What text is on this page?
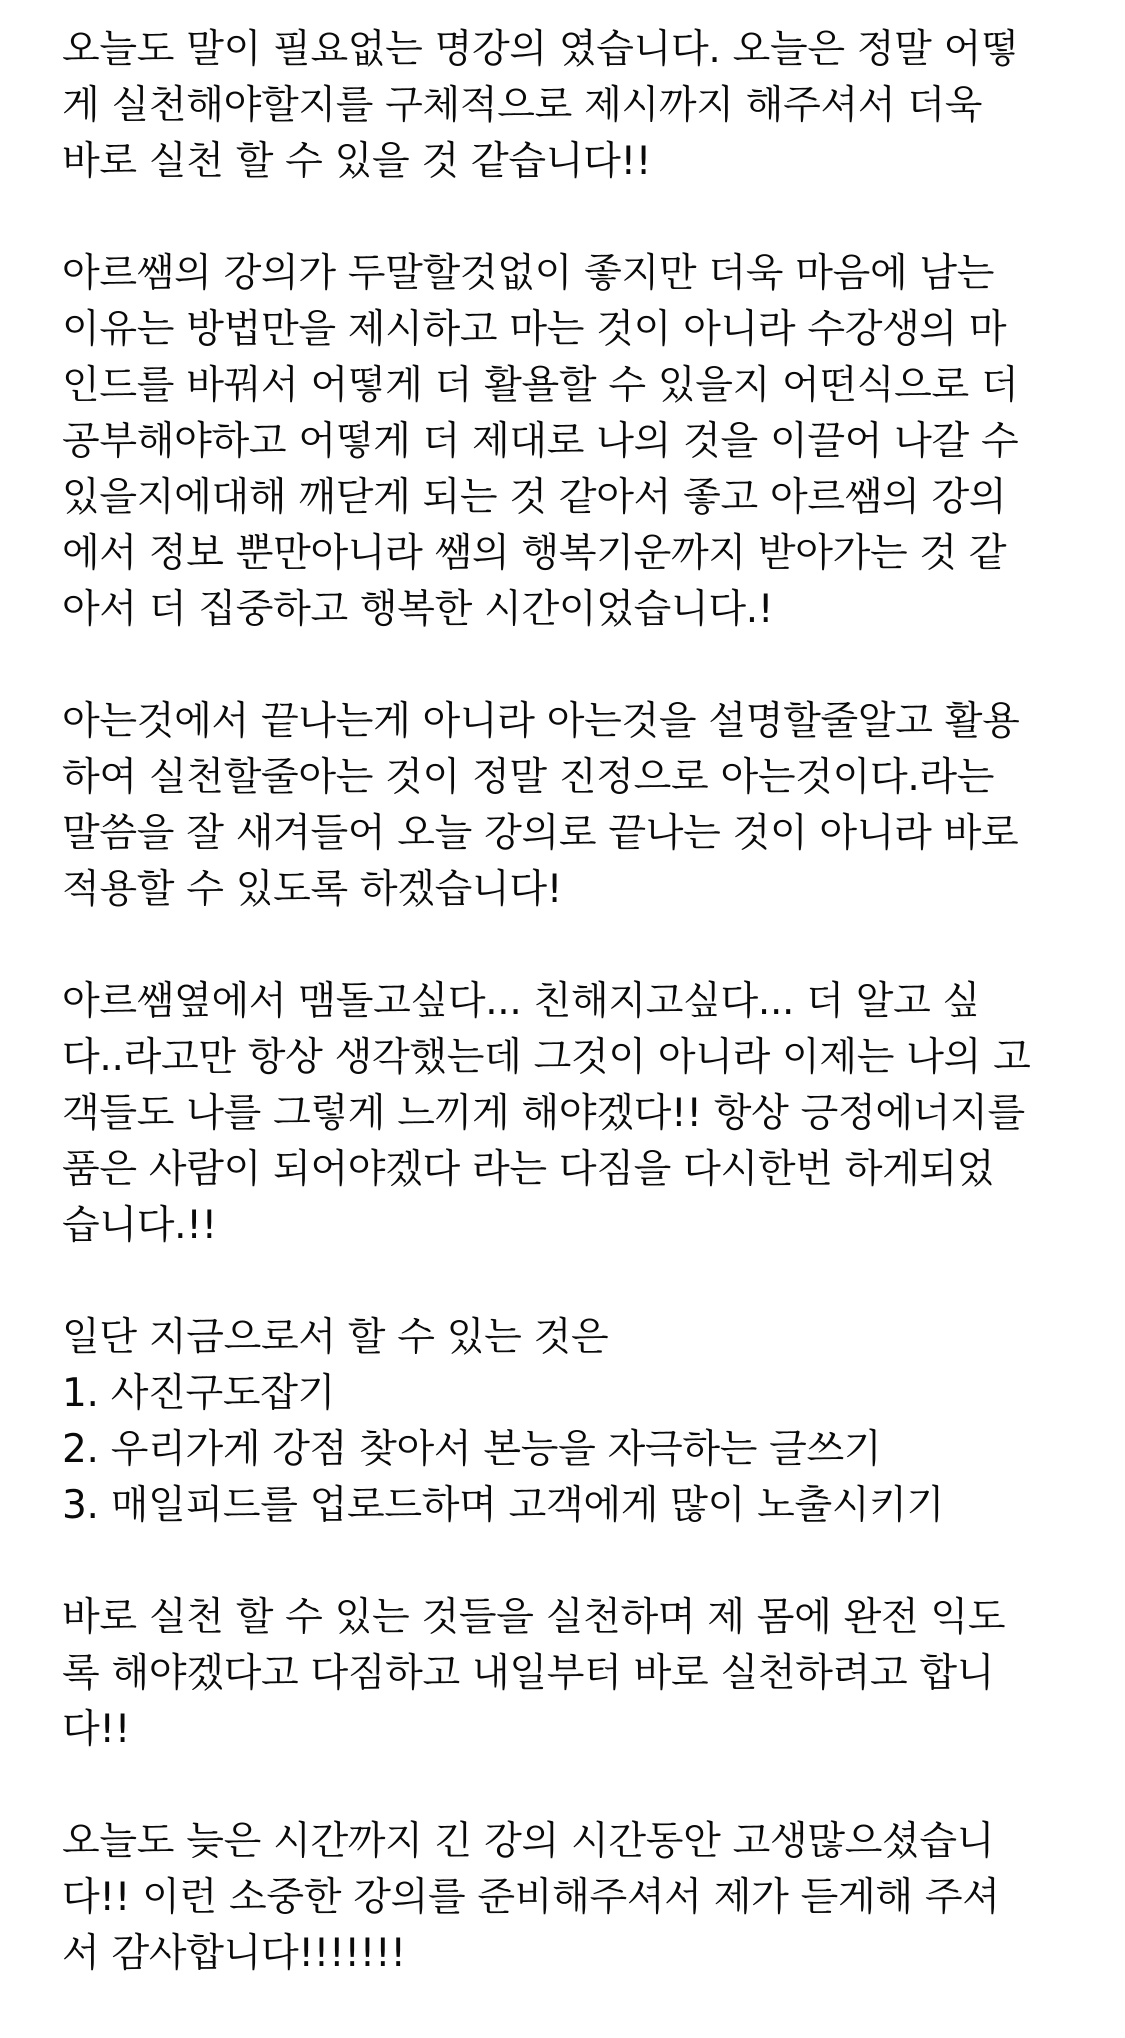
오늘도 말이 필요없는 명강의 였습니다. 오늘은 정말 어떻
게 실천해야할지를 구체적으로 제시까지 해주셔서 더욱
바로 실천 할 수 있을 것 같습니다!!

아르쌤의 강의가 두말할것없이 좋지만 더욱 마음에 남는
이유는 방법만을 제시하고 마는 것이 아니라 수강생의 마
인드를 바꿔서 어떻게 더 활욜할 수 있을지 어떤식으로 더
공부해야하고 어떻게 더 제대로 나의 것을 이끌어 나갈 수
있을지에대해 깨닫게 되는 것 같아서 좋고 아르쌤의 강의
에서 정보 뿐만아니라 쌤의 행복기운까지 받아가는 것 같
아서 더 집중하고 행복한 시간이었습니다.!

아는것에서 끝나는게 아니라 아는것을 설명할줄알고 활용
하여 실천할줄아는 것이 정말 진정으로 아는것이다.라는
말씀을 잘 새겨들어 오늘 강의로 끝나는 것이 아니라 바로
적용할 수 있도록 하겠습니다!

아르쌤옆에서 맴돌고싶다... 친해지고싶다... 더 알고 싶
다..라고만 항상 생각했는데 그것이 아니라 이제는 나의 고
객들도 나를 그렇게 느끼게 해야겠다!! 항상 긍정에너지를
품은 사람이 되어야겠다 라는 다짐을 다시한번 하게되었
습니다.!!

일단 지금으로서 할 수 있는 것은
1. 사진구도잡기
2. 우리가게 강점 찾아서 본능을 자극하는 글쓰기
3. 매일피드를 업로드하며 고객에게 많이 노출시키기

바로 실천 할 수 있는 것들을 실천하며 제 몸에 완전 익도
록 해야겠다고 다짐하고 내일부터 바로 실천하려고 합니
다!!

오늘도 늦은 시간까지 긴 강의 시간동안 고생많으셨습니
다!! 이런 소중한 강의를 준비해주셔서 제가 듣게해 주셔
서 감사합니다!!!!!!!
